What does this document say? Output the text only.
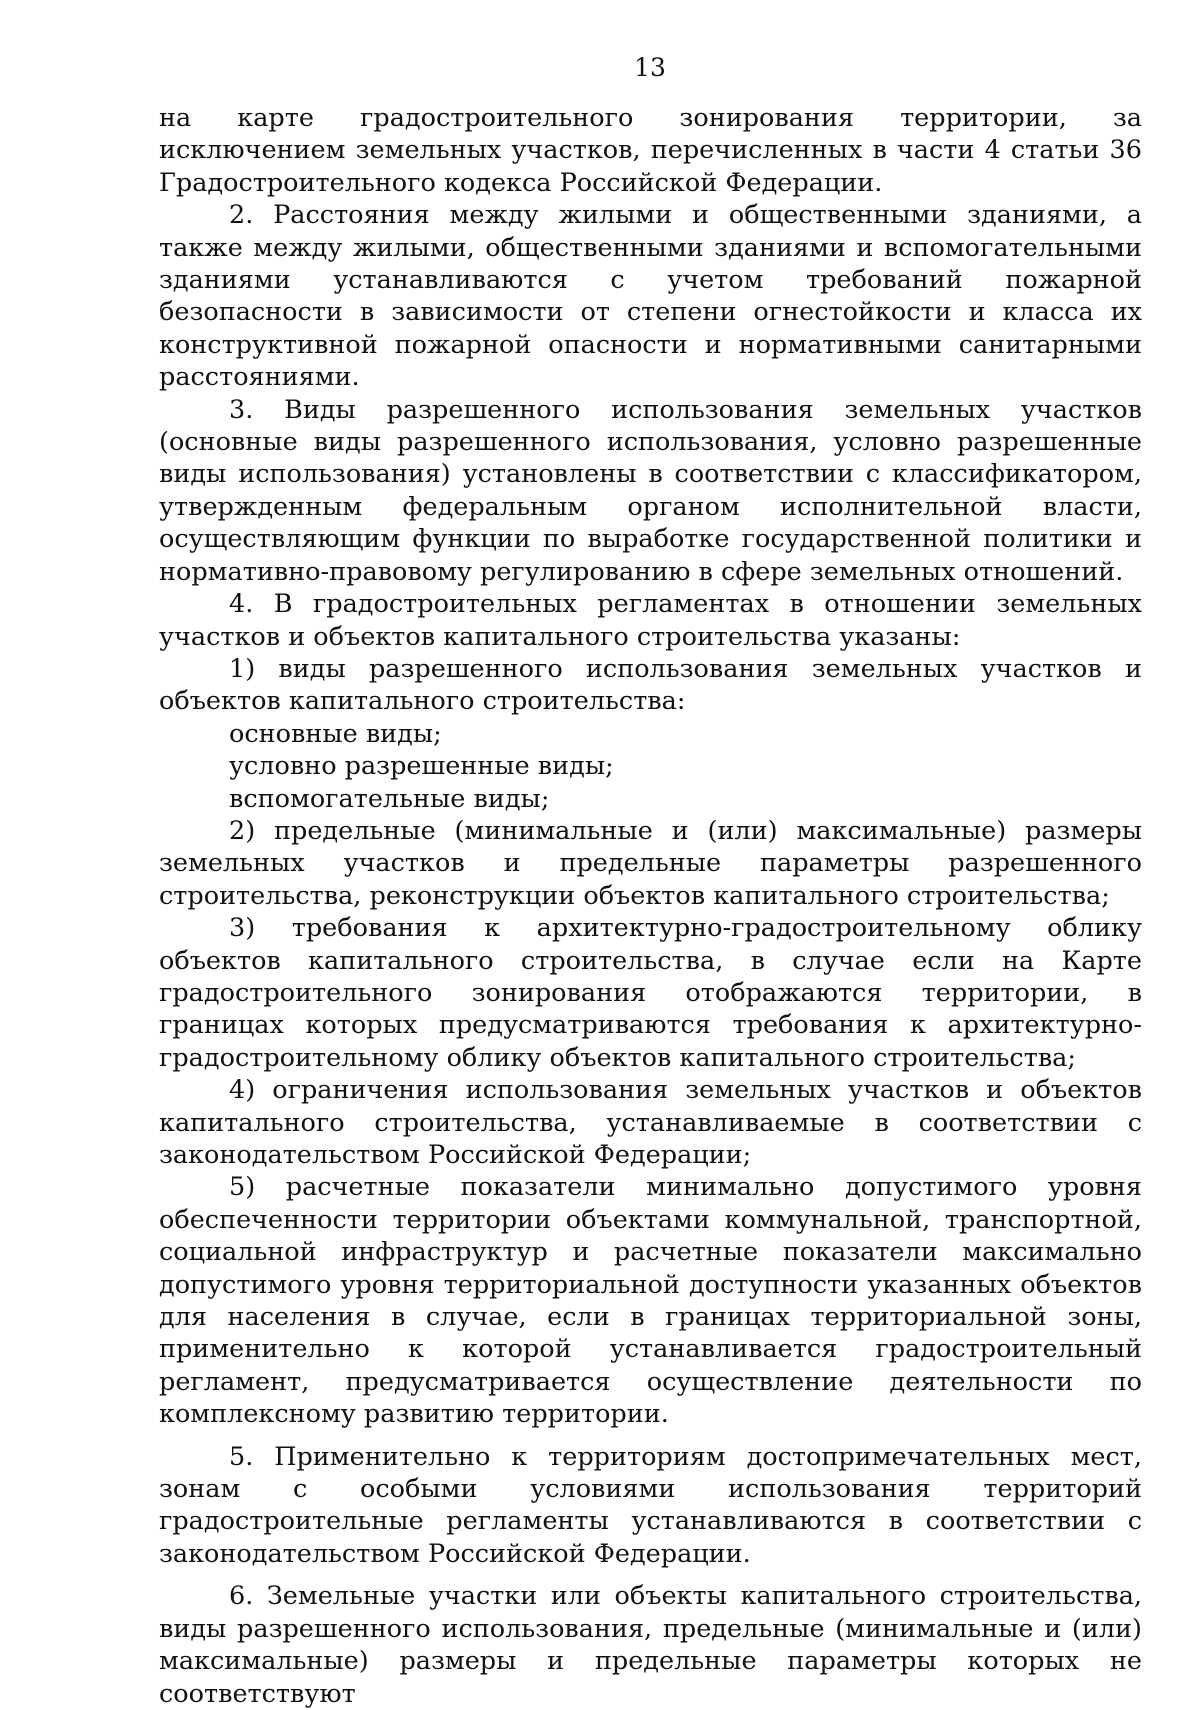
13

на карте градостроительного зонирования территории, за исключением земельных участков, перечисленных в части 4 статьи 36 Градостроительного кодекса Российской Федерации.

2. Расстояния между жилыми и общественными зданиями, а также между жилыми, общественными зданиями и вспомогательными зданиями устанавливаются с учетом требований пожарной безопасности в зависимости от степени огнестойкости и класса их конструктивной пожарной опасности и нормативными санитарными расстояниями.

3. Виды разрешенного использования земельных участков (основные виды разрешенного использования, условно разрешенные виды использования) установлены в соответствии с классификатором, утвержденным федеральным органом исполнительной власти, осуществляющим функции по выработке государственной политики и нормативно-правовому регулированию в сфере земельных отношений.

4. В градостроительных регламентах в отношении земельных участков и объектов капитального строительства указаны:

1) виды разрешенного использования земельных участков и объектов капитального строительства:

основные виды;

условно разрешенные виды;

вспомогательные виды;

2) предельные (минимальные и (или) максимальные) размеры земельных участков и предельные параметры разрешенного строительства, реконструкции объектов капитального строительства;

3) требования к архитектурно-градостроительному облику объектов капитального строительства, в случае если на Карте градостроительного зонирования отображаются территории, в границах которых предусматриваются требования к архитектурно-градостроительному облику объектов капитального строительства;

4) ограничения использования земельных участков и объектов капитального строительства, устанавливаемые в соответствии с законодательством Российской Федерации;

5) расчетные показатели минимально допустимого уровня обеспеченности территории объектами коммунальной, транспортной, социальной инфраструктур и расчетные показатели максимально допустимого уровня территориальной доступности указанных объектов для населения в случае, если в границах территориальной зоны, применительно к которой устанавливается градостроительный регламент, предусматривается осуществление деятельности по комплексному развитию территории.

5. Применительно к территориям достопримечательных мест, зонам с особыми условиями использования территорий градостроительные регламенты устанавливаются в соответствии с законодательством Российской Федерации.

6. Земельные участки или объекты капитального строительства, виды разрешенного использования, предельные (минимальные и (или) максимальные) размеры и предельные параметры которых не соответствуют
